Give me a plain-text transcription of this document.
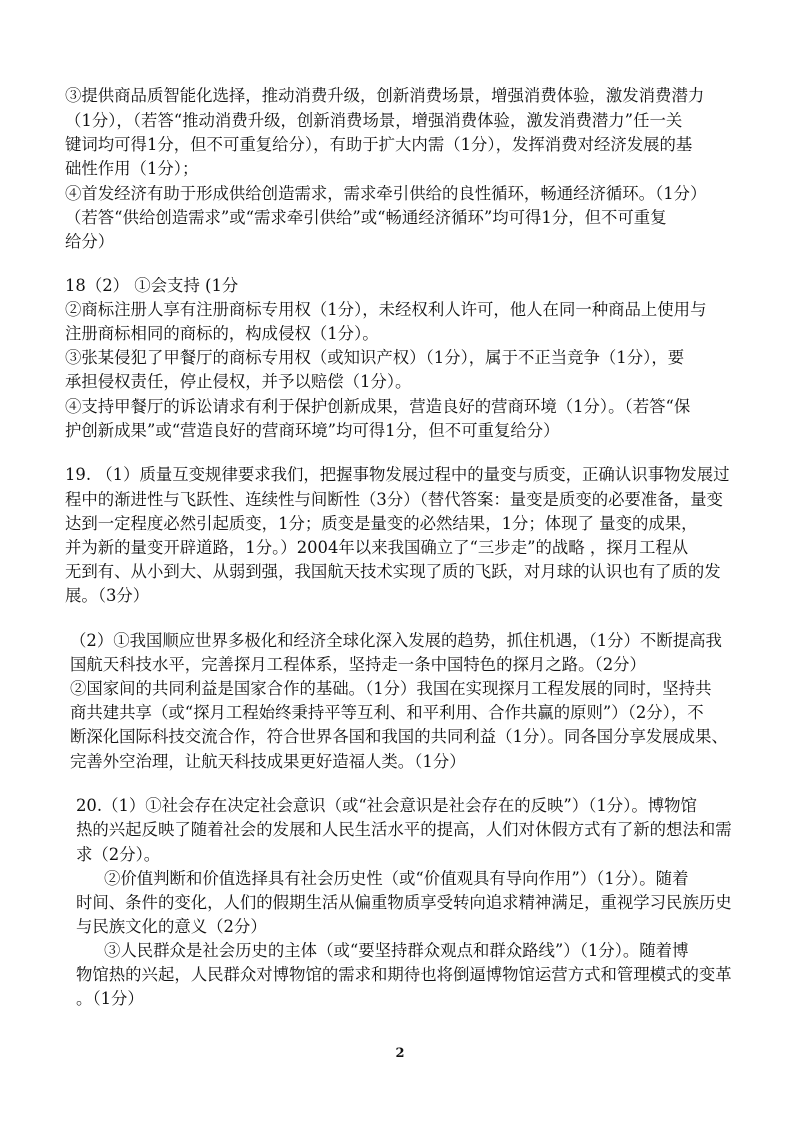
③提供商品质智能化选择，推动消费升级，创新消费场景，增强消费体验，激发消费潜力

（1分），（若答“推动消费升级，创新消费场景，增强消费体验，激发消费潜力”任一关

键词均可得1分，但不可重复给分），有助于扩大内需（1分），发挥消费对经济发展的基

础性作用（1分）；

④首发经济有助于形成供给创造需求，需求牵引供给的良性循环，畅通经济循环。（1分）

（若答“供给创造需求”或“需求牵引供给”或“畅通经济循环”均可得1分，但不可重复

给分）

18（2） ①会支持 (1分

②商标注册人享有注册商标专用权（1分），未经权利人许可，他人在同一种商品上使用与

注册商标相同的商标的，构成侵权（1分）。

③张某侵犯了甲餐厅的商标专用权（或知识产权）（1分），属于不正当竞争（1分），要

承担侵权责任，停止侵权，并予以赔偿（1分）。

④支持甲餐厅的诉讼请求有利于保护创新成果，营造良好的营商环境（1分）。（若答“保

护创新成果”或“营造良好的营商环境”均可得1分，但不可重复给分）

19. （1）质量互变规律要求我们，把握事物发展过程中的量变与质变，正确认识事物发展过

程中的渐进性与飞跃性、连续性与间断性（3分）（替代答案：量变是质变的必要准备，量变

达到一定程度必然引起质变，1分；质变是量变的必然结果，1分；体现了 量变的成果，

并为新的量变开辟道路，1分。）2004年以来我国确立了“三步走”的战略 ，探月工程从

无到有、从小到大、从弱到强，我国航天技术实现了质的飞跃，对月球的认识也有了质的发

展。（3分）

（2）①我国顺应世界多极化和经济全球化深入发展的趋势，抓住机遇，（1分）不断提高我

国航天科技水平，完善探月工程体系，坚持走一条中国特色的探月之路。（2分）

②国家间的共同利益是国家合作的基础。（1分）我国在实现探月工程发展的同时，坚持共

商共建共享（或“探月工程始终秉持平等互利、和平利用、合作共赢的原则”）（2分），不

断深化国际科技交流合作，符合世界各国和我国的共同利益（1分）。同各国分享发展成果、

完善外空治理，让航天科技成果更好造福人类。（1分）

20.（1）①社会存在决定社会意识（或“社会意识是社会存在的反映”）（1分）。博物馆

热的兴起反映了随着社会的发展和人民生活水平的提高，人们对休假方式有了新的想法和需

求（2分）。

②价值判断和价值选择具有社会历史性（或“价值观具有导向作用”）（1分）。随着

时间、条件的变化，人们的假期生活从偏重物质享受转向追求精神满足，重视学习民族历史

与民族文化的意义（2分）

③人民群众是社会历史的主体（或“要坚持群众观点和群众路线”）（1分）。随着博

物馆热的兴起，人民群众对博物馆的需求和期待也将倒逼博物馆运营方式和管理模式的变革

。（1分）

2
